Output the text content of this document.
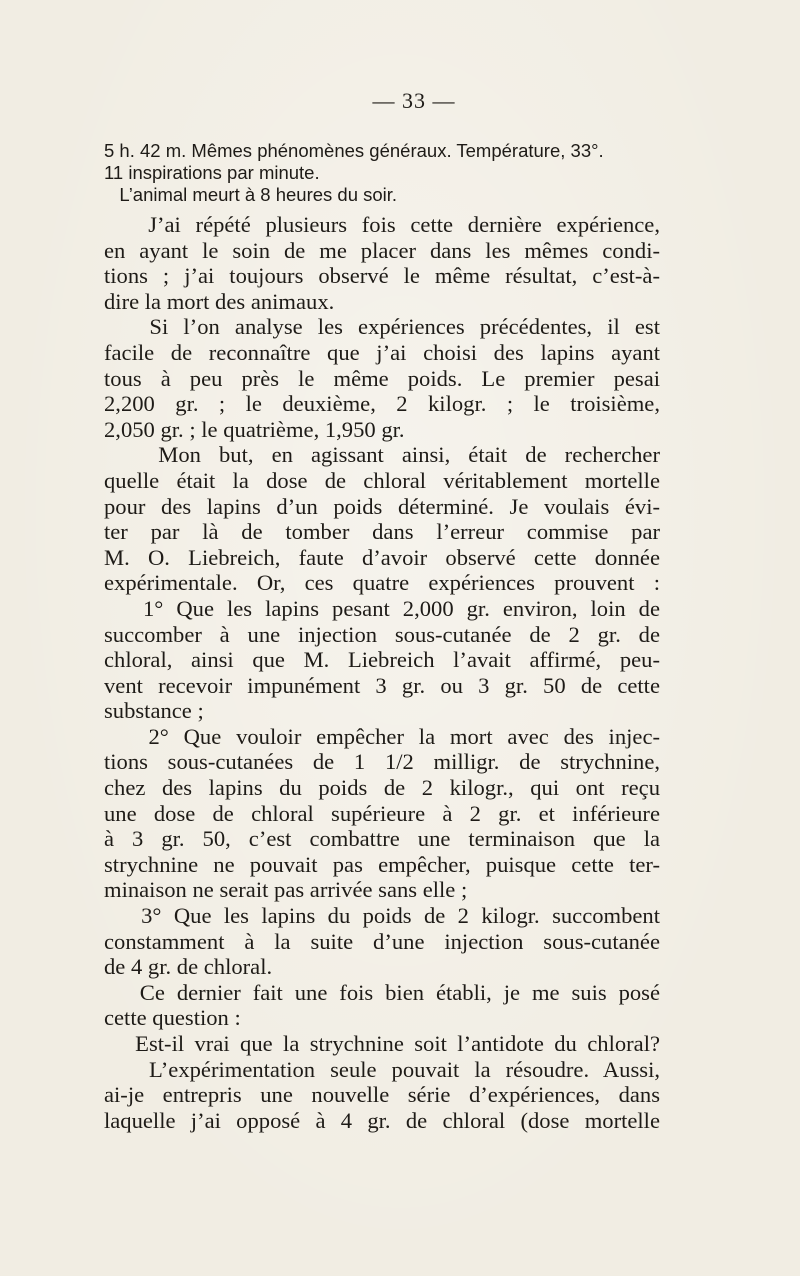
— 33 —
5 h. 42 m. Mêmes phénomènes généraux. Température, 33°.
11 inspirations par minute.
L’animal meurt à 8 heures du soir.
J’ai répété plusieurs fois cette dernière expérience,
en ayant le soin de me placer dans les mêmes condi-
tions ; j’ai toujours observé le même résultat, c’est-à-
dire la mort des animaux.
Si l’on analyse les expériences précédentes, il est
facile de reconnaître que j’ai choisi des lapins ayant
tous à peu près le même poids. Le premier pesai
2,200 gr. ; le deuxième, 2 kilogr. ; le troisième,
2,050 gr. ; le quatrième, 1,950 gr.
Mon but, en agissant ainsi, était de rechercher
quelle était la dose de chloral véritablement mortelle
pour des lapins d’un poids déterminé. Je voulais évi-
ter par là de tomber dans l’erreur commise par
M. O. Liebreich, faute d’avoir observé cette donnée
expérimentale. Or, ces quatre expériences prouvent :
1° Que les lapins pesant 2,000 gr. environ, loin de
succomber à une injection sous-cutanée de 2 gr. de
chloral, ainsi que M. Liebreich l’avait affirmé, peu-
vent recevoir impunément 3 gr. ou 3 gr. 50 de cette
substance ;
2° Que vouloir empêcher la mort avec des injec-
tions sous-cutanées de 1 1/2 milligr. de strychnine,
chez des lapins du poids de 2 kilogr., qui ont reçu
une dose de chloral supérieure à 2 gr. et inférieure
à 3 gr. 50, c’est combattre une terminaison que la
strychnine ne pouvait pas empêcher, puisque cette ter-
minaison ne serait pas arrivée sans elle ;
3° Que les lapins du poids de 2 kilogr. succombent
constamment à la suite d’une injection sous-cutanée
de 4 gr. de chloral.
Ce dernier fait une fois bien établi, je me suis posé
cette question :
Est-il vrai que la strychnine soit l’antidote du chloral?
L’expérimentation seule pouvait la résoudre. Aussi,
ai-je entrepris une nouvelle série d’expériences, dans
laquelle j’ai opposé à 4 gr. de chloral (dose mortelle
